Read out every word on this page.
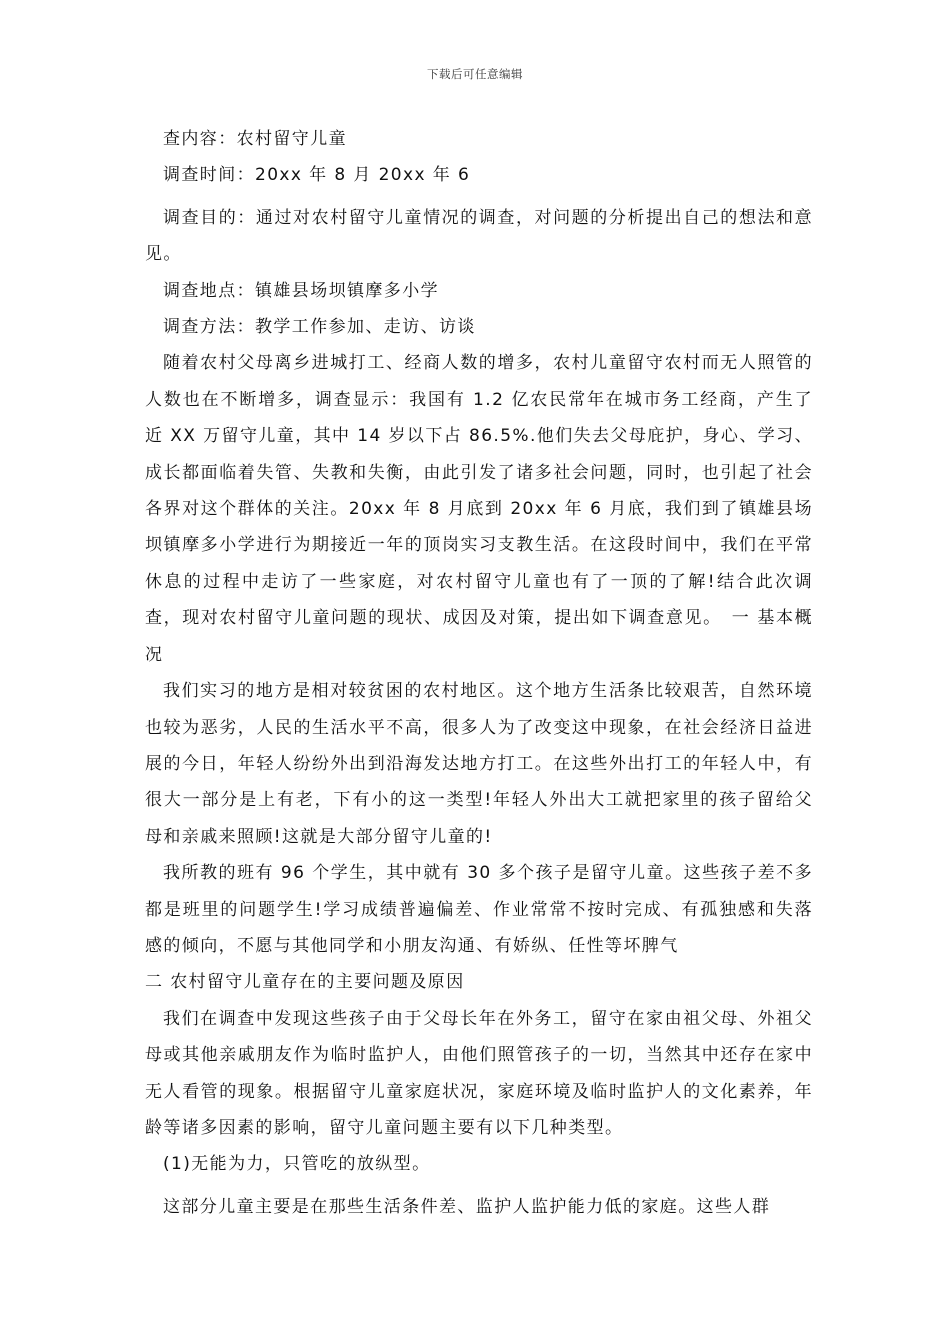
下载后可任意编辑

查内容：农村留守儿童

调查时间：20xx 年 8 月 20xx 年 6

调查目的：通过对农村留守儿童情况的调查，对问题的分析提出自己的想法和意见。

调查地点：镇雄县场坝镇摩多小学

调查方法：教学工作参加、走访、访谈

随着农村父母离乡进城打工、经商人数的增多，农村儿童留守农村而无人照管的人数也在不断增多，调查显示：我国有 1.2 亿农民常年在城市务工经商，产生了近 XX 万留守儿童，其中 14 岁以下占 86.5%.他们失去父母庇护，身心、学习、成长都面临着失管、失教和失衡，由此引发了诸多社会问题，同时，也引起了社会各界对这个群体的关注。20xx 年 8 月底到 20xx 年 6 月底，我们到了镇雄县场坝镇摩多小学进行为期接近一年的顶岗实习支教生活。在这段时间中，我们在平常休息的过程中走访了一些家庭，对农村留守儿童也有了一顶的了解!结合此次调查，现对农村留守儿童问题的现状、成因及对策，提出如下调查意见。　一 基本概况

我们实习的地方是相对较贫困的农村地区。这个地方生活条比较艰苦，自然环境也较为恶劣，人民的生活水平不高，很多人为了改变这中现象，在社会经济日益进展的今日，年轻人纷纷外出到沿海发达地方打工。在这些外出打工的年轻人中，有很大一部分是上有老，下有小的这一类型!年轻人外出大工就把家里的孩子留给父母和亲戚来照顾!这就是大部分留守儿童的!

我所教的班有 96 个学生，其中就有 30 多个孩子是留守儿童。这些孩子差不多都是班里的问题学生!学习成绩普遍偏差、作业常常不按时完成、有孤独感和失落感的倾向，不愿与其他同学和小朋友沟通、有娇纵、任性等坏脾气

二 农村留守儿童存在的主要问题及原因

我们在调查中发现这些孩子由于父母长年在外务工，留守在家由祖父母、外祖父母或其他亲戚朋友作为临时监护人，由他们照管孩子的一切，当然其中还存在家中无人看管的现象。根据留守儿童家庭状况，家庭环境及临时监护人的文化素养，年龄等诸多因素的影响，留守儿童问题主要有以下几种类型。

(1)无能为力，只管吃的放纵型。

这部分儿童主要是在那些生活条件差、监护人监护能力低的家庭。这些人群
